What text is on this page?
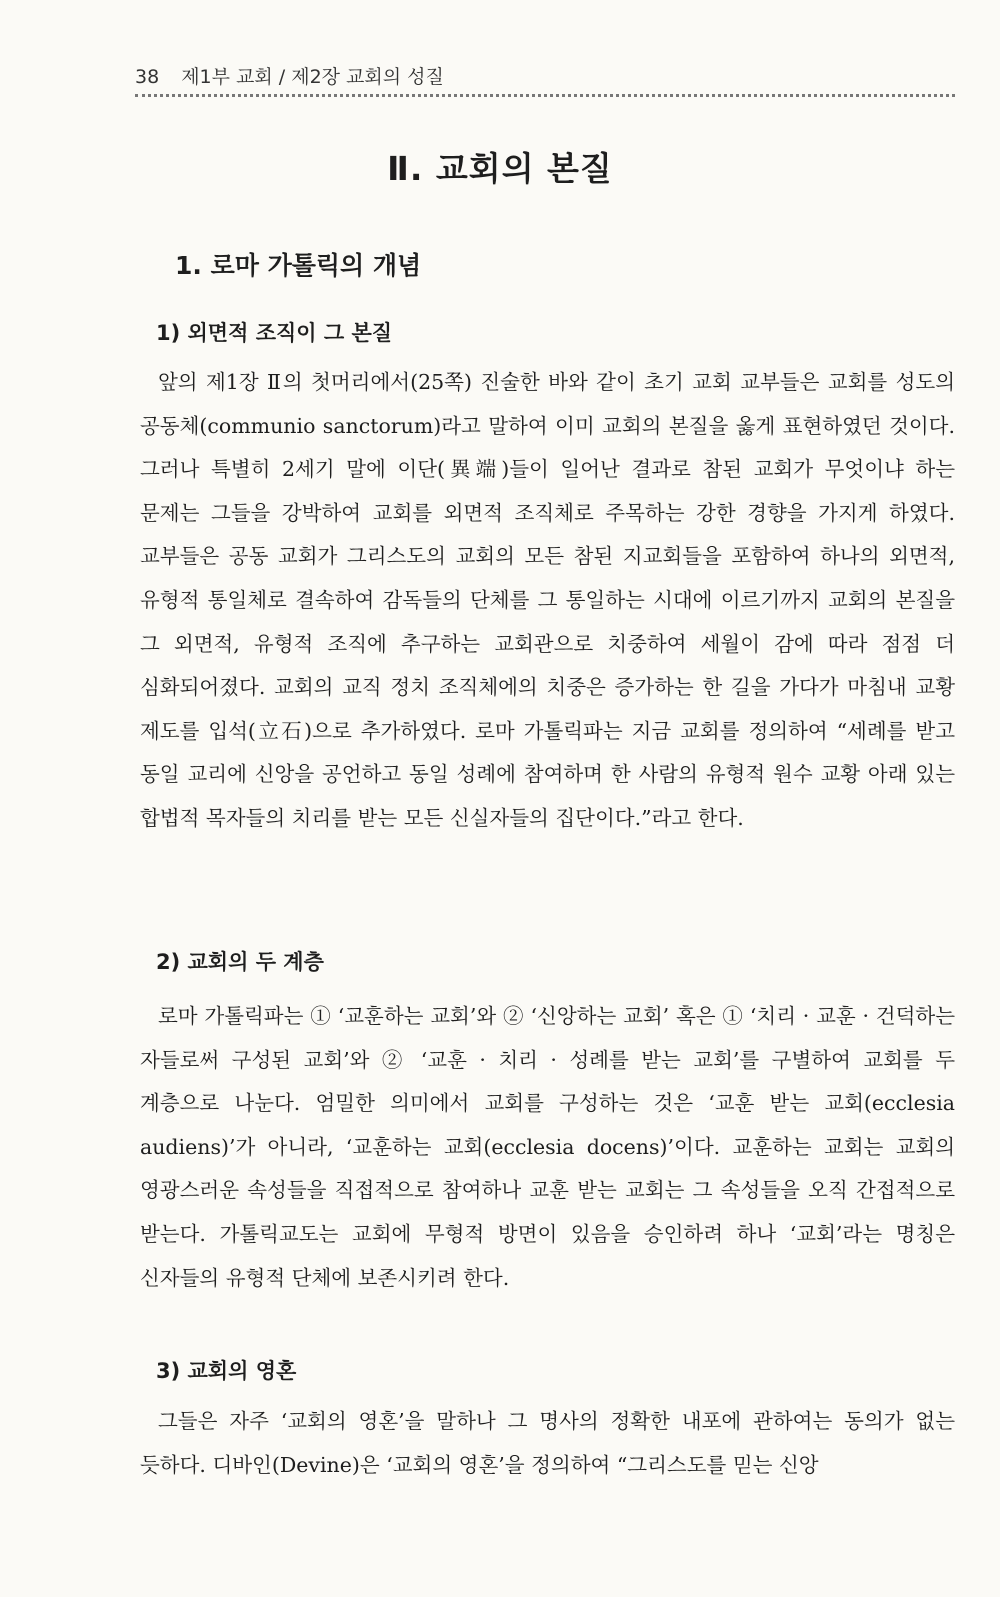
38 제1부 교회 / 제2장 교회의 성질
Ⅱ. 교회의 본질
1. 로마 가톨릭의 개념
1) 외면적 조직이 그 본질
앞의 제1장 Ⅱ의 첫머리에서(25쪽) 진술한 바와 같이 초기 교회 교부들은 교회를 성도의 공동체(communio sanctorum)라고 말하여 이미 교회의 본질을 옳게 표현하였던 것이다. 그러나 특별히 2세기 말에 이단(異端)들이 일어난 결과로 참된 교회가 무엇이냐 하는 문제는 그들을 강박하여 교회를 외면적 조직체로 주목하는 강한 경향을 가지게 하였다. 교부들은 공동 교회가 그리스도의 교회의 모든 참된 지교회들을 포함하여 하나의 외면적, 유형적 통일체로 결속하여 감독들의 단체를 그 통일하는 시대에 이르기까지 교회의 본질을 그 외면적, 유형적 조직에 추구하는 교회관으로 치중하여 세월이 감에 따라 점점 더 심화되어졌다. 교회의 교직 정치 조직체에의 치중은 증가하는 한 길을 가다가 마침내 교황 제도를 입석(立石)으로 추가하였다. 로마 가톨릭파는 지금 교회를 정의하여 “세례를 받고 동일 교리에 신앙을 공언하고 동일 성례에 참여하며 한 사람의 유형적 원수 교황 아래 있는 합법적 목자들의 치리를 받는 모든 신실자들의 집단이다.”라고 한다.
2) 교회의 두 계층
로마 가톨릭파는 ① ‘교훈하는 교회’와 ② ‘신앙하는 교회’ 혹은 ① ‘치리 · 교훈 · 건덕하는 자들로써 구성된 교회’와 ② ‘교훈 · 치리 · 성례를 받는 교회’를 구별하여 교회를 두 계층으로 나눈다. 엄밀한 의미에서 교회를 구성하는 것은 ‘교훈 받는 교회(ecclesia audiens)’가 아니라, ‘교훈하는 교회(ecclesia docens)’이다. 교훈하는 교회는 교회의 영광스러운 속성들을 직접적으로 참여하나 교훈 받는 교회는 그 속성들을 오직 간접적으로 받는다. 가톨릭교도는 교회에 무형적 방면이 있음을 승인하려 하나 ‘교회’라는 명칭은 신자들의 유형적 단체에 보존시키려 한다.
3) 교회의 영혼
그들은 자주 ‘교회의 영혼’을 말하나 그 명사의 정확한 내포에 관하여는 동의가 없는 듯하다. 디바인(Devine)은 ‘교회의 영혼’을 정의하여 “그리스도를 믿는 신앙
